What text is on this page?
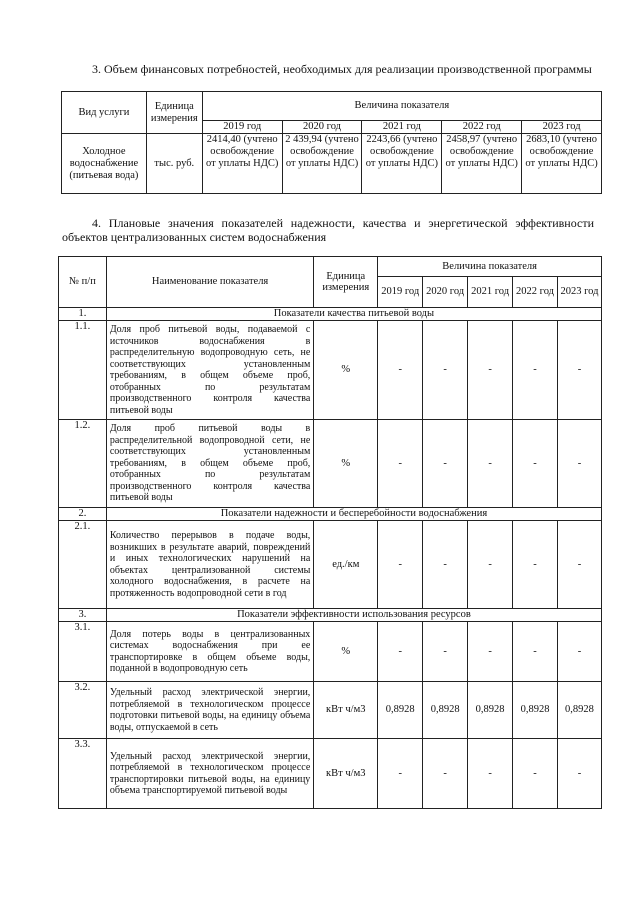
3. Объем финансовых потребностей, необходимых для реализации производственной программы
Вид услуги	Единица измерения	Величина показателя				
		2019 год	2020 год	2021 год	2022 год	2023 год
Холодное водоснабжение (питьевая вода)	тыс. руб.	2414,40 (учтено освобождение от уплаты НДС)	2 439,94 (учтено освобождение от уплаты НДС)	2243,66 (учтено освобождение от уплаты НДС)	2458,97 (учтено освобождение от уплаты НДС)	2683,10 (учтено освобождение от уплаты НДС)
4. Плановые значения показателей надежности, качества и энергетической эффективности объектов централизованных систем водоснабжения
№ п/п	Наименование показателя	Единица измерения	Величина показателя				
			2019 год	2020 год	2021 год	2022 год	2023 год
1.	Показатели качества питьевой воды						
1.1.	Доля проб питьевой воды, подаваемой с источников водоснабжения в распределительную водопроводную сеть, не соответствующих установленным требованиям, в общем объеме проб, отобранных по результатам производственного контроля качества питьевой воды	%	-	-	-	-	-
1.2.	Доля проб питьевой воды в распределительной водопроводной сети, не соответствующих установленным требованиям, в общем объеме проб, отобранных по результатам производственного контроля качества питьевой воды	%	-	-	-	-	-
2.	Показатели надежности и бесперебойности водоснабжения						
2.1.	Количество перерывов в подаче воды, возникших в результате аварий, повреждений и иных технологических нарушений на объектах централизованной системы холодного водоснабжения, в расчете на протяженность водопроводной сети в год	ед./км	-	-	-	-	-
3.	Показатели эффективности использования ресурсов						
3.1.	Доля потерь воды в централизованных системах водоснабжения при ее транспортировке в общем объеме воды, поданной в водопроводную сеть	%	-	-	-	-	-
3.2.	Удельный расход электрической энергии, потребляемой в технологическом процессе подготовки питьевой воды, на единицу объема воды, отпускаемой в сеть	кВт ч/м3	0,8928	0,8928	0,8928	0,8928	0,8928
3.3.	Удельный расход электрической энергии, потребляемой в технологическом процессе транспортировки питьевой воды, на единицу объема транспортируемой питьевой воды	кВт ч/м3	-	-	-	-	-
